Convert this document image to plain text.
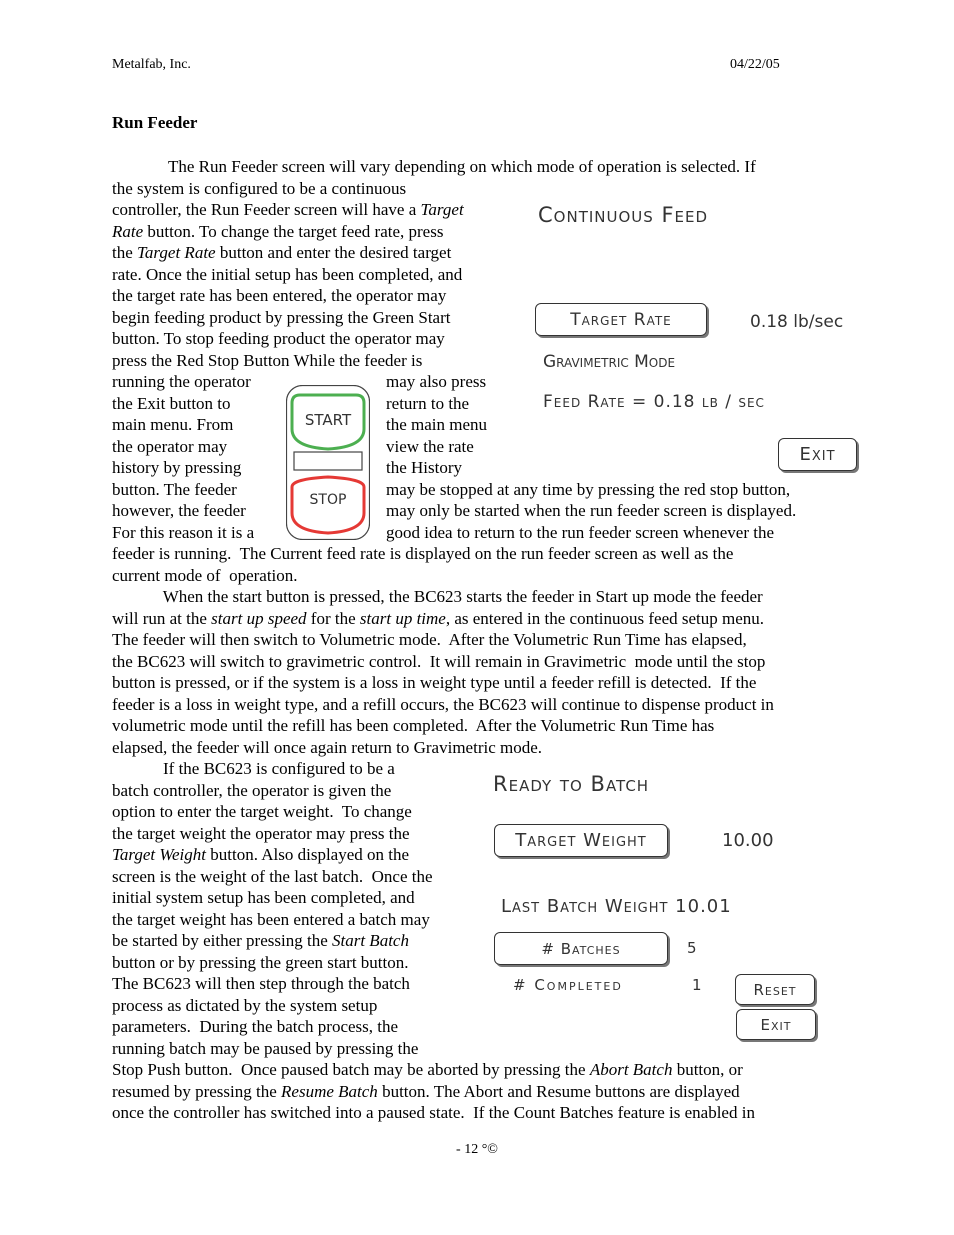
Metalfab, Inc.	04/22/05
Run Feeder
The Run Feeder screen will vary depending on which mode of operation is selected. If
the system is configured to be a continuous
controller, the Run Feeder screen will have a Target
Rate button. To change the target feed rate, press
the Target Rate button and enter the desired target
rate. Once the initial setup has been completed, and
the target rate has been entered, the operator may
begin feeding product by pressing the Green Start
button. To stop feeding product the operator may
press the Red Stop Button While the feeder is
running the operator
the Exit button to
main menu. From
the operator may
history by pressing
button. The feeder
however, the feeder
For this reason it is a
may also press
return to the
the main menu
view the rate
the History
may be stopped at any time by pressing the red stop button,
may only be started when the run feeder screen is displayed.
good idea to return to the run feeder screen whenever the
feeder is running.  The Current feed rate is displayed on the run feeder screen as well as the
current mode of  operation.
When the start button is pressed, the BC623 starts the feeder in Start up mode the feeder
will run at the start up speed for the start up time, as entered in the continuous feed setup menu.
The feeder will then switch to Volumetric mode.  After the Volumetric Run Time has elapsed,
the BC623 will switch to gravimetric control.  It will remain in Gravimetric  mode until the stop
button is pressed, or if the system is a loss in weight type until a feeder refill is detected.  If the
feeder is a loss in weight type, and a refill occurs, the BC623 will continue to dispense product in
volumetric mode until the refill has been completed.  After the Volumetric Run Time has
elapsed, the feeder will once again return to Gravimetric mode.
If the BC623 is configured to be a
batch controller, the operator is given the
option to enter the target weight.  To change
the target weight the operator may press the
Target Weight button. Also displayed on the
screen is the weight of the last batch.  Once the
initial system setup has been completed, and
the target weight has been entered a batch may
be started by either pressing the Start Batch
button or by pressing the green start button.
The BC623 will then step through the batch
process as dictated by the system setup
parameters.  During the batch process, the
running batch may be paused by pressing the
Stop Push button.  Once paused batch may be aborted by pressing the Abort Batch button, or
resumed by pressing the Resume Batch button. The Abort and Resume buttons are displayed
once the controller has switched into a paused state.  If the Count Batches feature is enabled in
Continuous Feed
Target Rate	0.18 lb/sec
Gravimetric Mode
Feed Rate = 0.18 lb / sec
Exit
START
STOP
Ready to Batch
Target Weight	10.00
Last Batch Weight 10.01
# Batches	5
# Completed	1	Reset
Exit
- 12 °©
